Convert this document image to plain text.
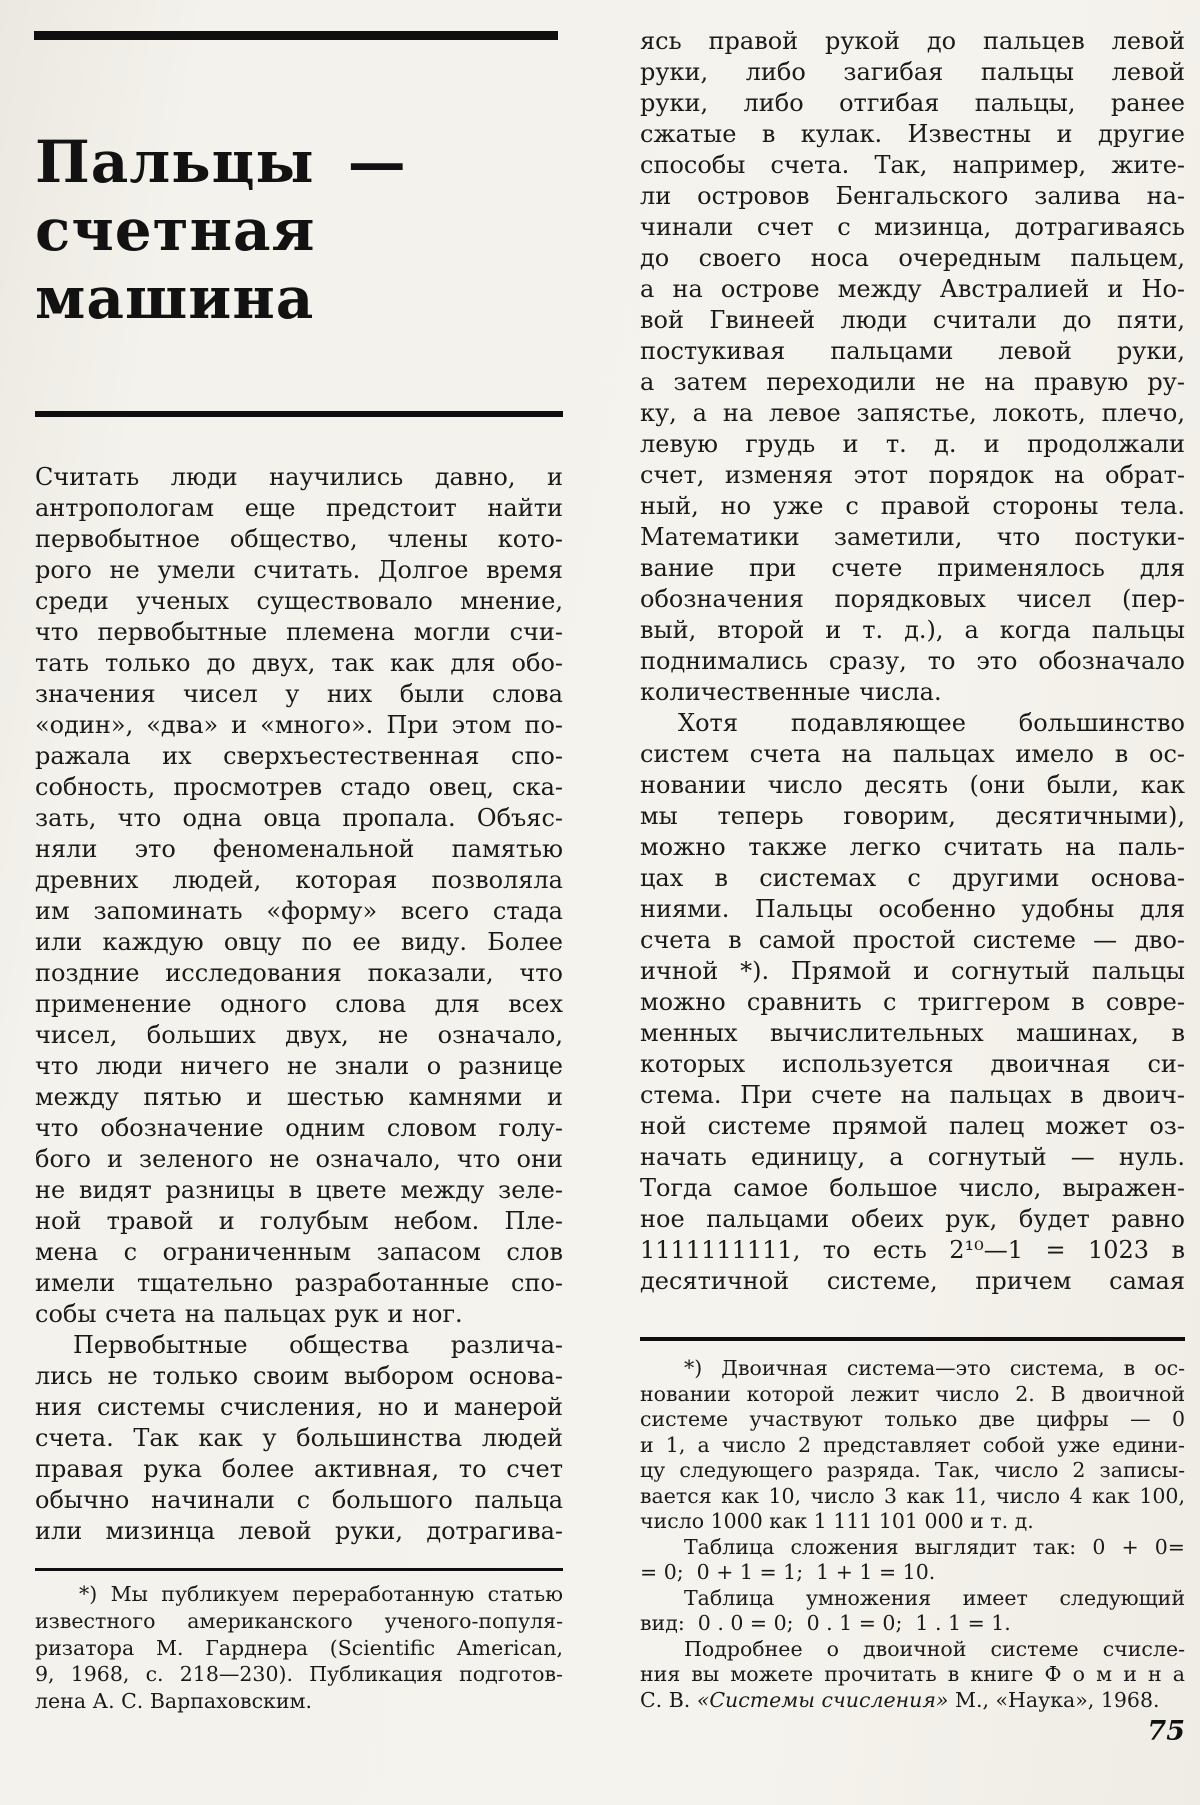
Пальцы —
счетная машина
Считать люди научились давно, и
антропологам еще предстоит найти
первобытное общество, члены кото-
рого не умели считать. Долгое время
среди ученых существовало мнение,
что первобытные племена могли счи-
тать только до двух, так как для обо-
значения чисел у них были слова
«один», «два» и «много». При этом по-
ражала их сверхъестественная спо-
собность, просмотрев стадо овец, ска-
зать, что одна овца пропала. Объяс-
няли это феноменальной памятью
древних людей, которая позволяла
им запоминать «форму» всего стада
или каждую овцу по ее виду. Более
поздние исследования показали, что
применение одного слова для всех
чисел, больших двух, не означало,
что люди ничего не знали о разнице
между пятью и шестью камнями и
что обозначение одним словом голу-
бого и зеленого не означало, что они
не видят разницы в цвете между зеле-
ной травой и голубым небом. Пле-
мена с ограниченным запасом слов
имели тщательно разработанные спо-
собы счета на пальцах рук и ног.
Первобытные общества различа-
лись не только своим выбором основа-
ния системы счисления, но и манерой
счета. Так как у большинства людей
правая рука более активная, то счет
обычно начинали с большого пальца
или мизинца левой руки, дотрагива-
*) Мы публикуем переработанную статью
известного американского ученого-популя-
ризатора М. Гарднера (Scientific American,
9, 1968, с. 218—230). Публикация подготов-
лена А. С. Варпаховским.
ясь правой рукой до пальцев левой
руки, либо загибая пальцы левой
руки, либо отгибая пальцы, ранее
сжатые в кулак. Известны и другие
способы счета. Так, например, жите-
ли островов Бенгальского залива на-
чинали счет с мизинца, дотрагиваясь
до своего носа очередным пальцем,
а на острове между Австралией и Но-
вой Гвинеей люди считали до пяти,
постукивая пальцами левой руки,
а затем переходили не на правую ру-
ку, а на левое запястье, локоть, плечо,
левую грудь и т. д. и продолжали
счет, изменяя этот порядок на обрат-
ный, но уже с правой стороны тела.
Математики заметили, что постуки-
вание при счете применялось для
обозначения порядковых чисел (пер-
вый, второй и т. д.), а когда пальцы
поднимались сразу, то это обозначало
количественные числа.
Хотя подавляющее большинство
систем счета на пальцах имело в ос-
новании число десять (они были, как
мы теперь говорим, десятичными),
можно также легко считать на паль-
цах в системах с другими основа-
ниями. Пальцы особенно удобны для
счета в самой простой системе — дво-
ичной *). Прямой и согнутый пальцы
можно сравнить с триггером в совре-
менных вычислительных машинах, в
которых используется двоичная си-
стема. При счете на пальцах в двоич-
ной системе прямой палец может оз-
начать единицу, а согнутый — нуль.
Тогда самое большое число, выражен-
ное пальцами обеих рук, будет равно
1111111111, то есть 2¹⁰—1 = 1023 в
десятичной системе, причем самая
*) Двоичная система—это система, в ос-
новании которой лежит число 2. В двоичной
системе участвуют только две цифры — 0
и 1, а число 2 представляет собой уже едини-
цу следующего разряда. Так, число 2 записы-
вается как 10, число 3 как 11, число 4 как 100,
число 1000 как 1 111 101 000 и т. д.
Таблица сложения выглядит так: 0 + 0=
= 0;  0 + 1 = 1;  1 + 1 = 10.
Таблица умножения имеет следующий
вид:  0 . 0 = 0;  0 . 1 = 0;  1 . 1 = 1.
Подробнее о двоичной системе счисле-
ния вы можете прочитать в книге Ф о м и н а
С. В. «Системы счисления» М., «Наука», 1968.
75
